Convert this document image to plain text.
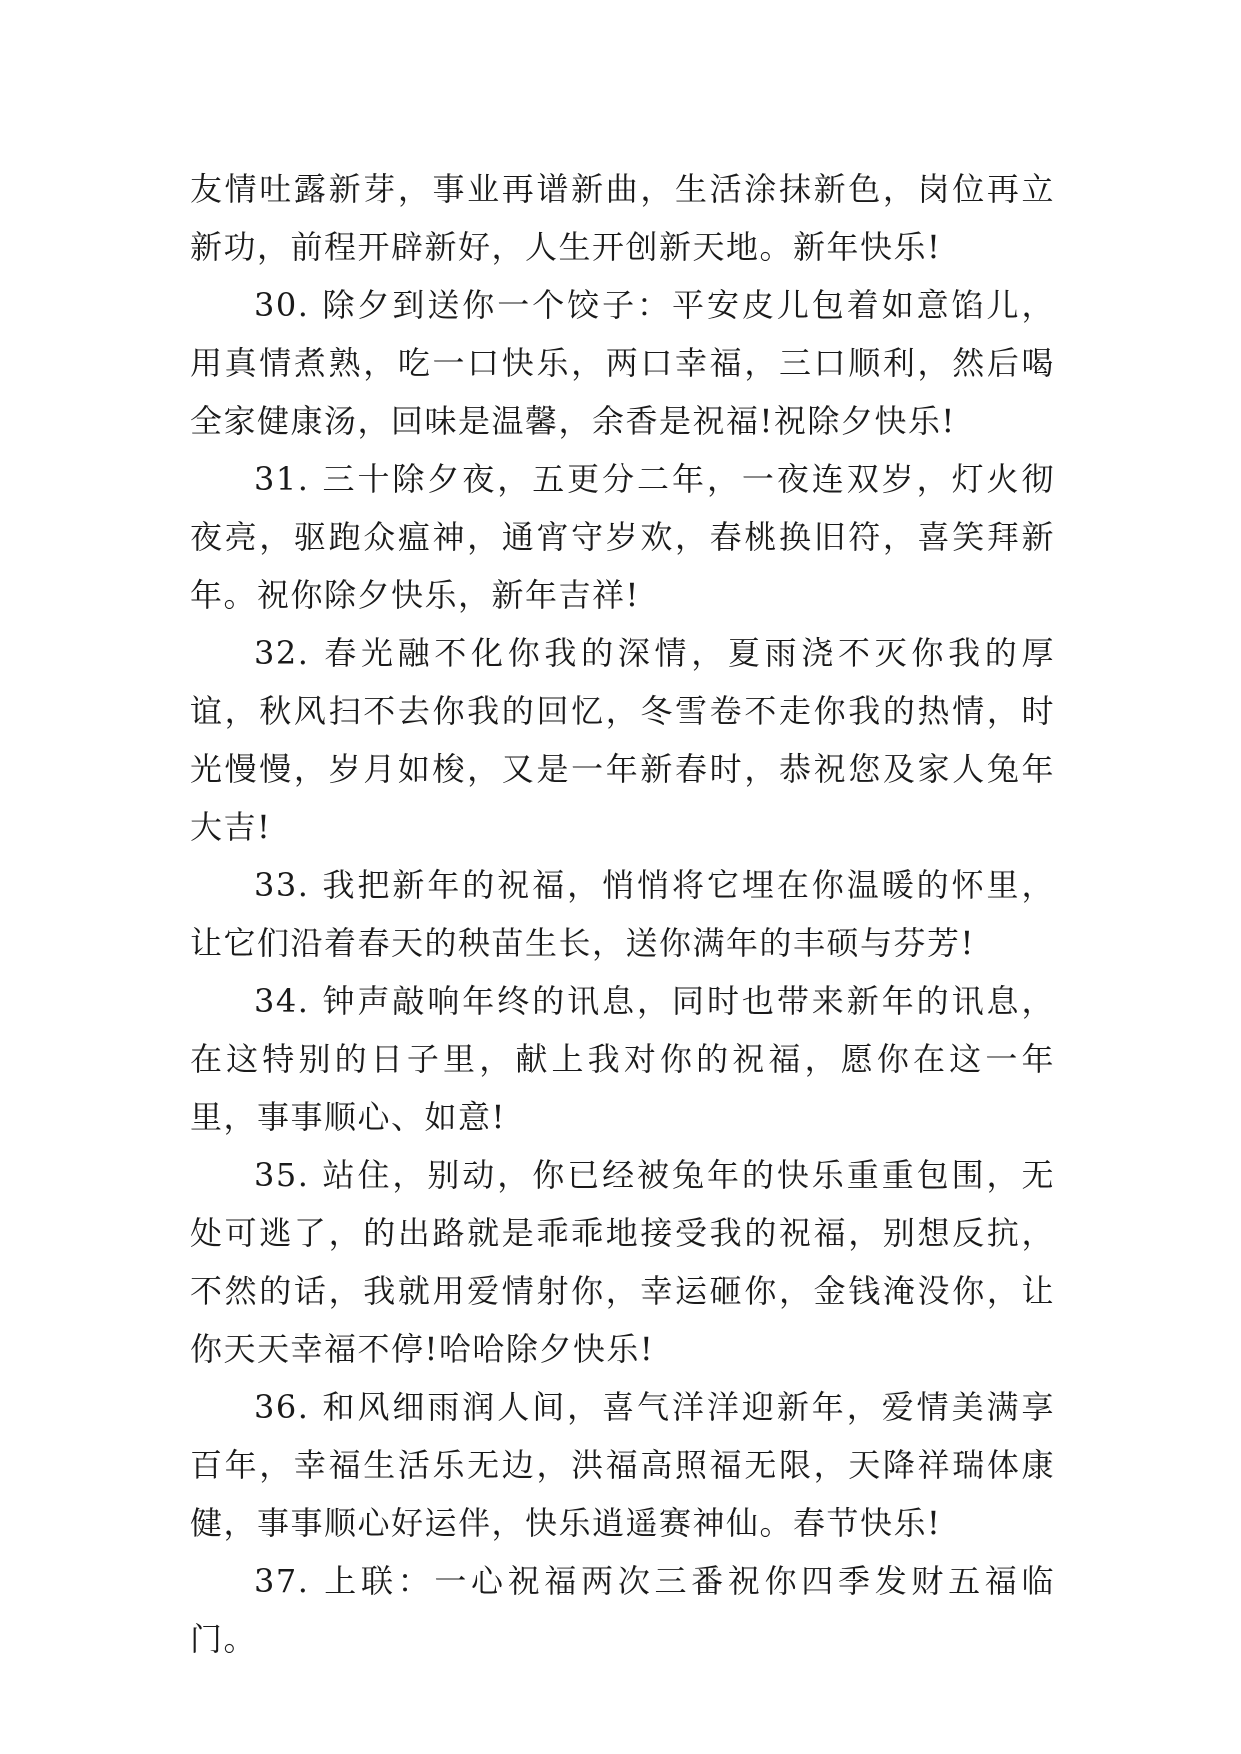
友情吐露新芽，事业再谱新曲，生活涂抹新色，岗位再立新功，前程开辟新好，人生开创新天地。新年快乐!

30. 除夕到送你一个饺子：平安皮儿包着如意馅儿，用真情煮熟，吃一口快乐，两口幸福，三口顺利，然后喝全家健康汤，回味是温馨，余香是祝福!祝除夕快乐!

31. 三十除夕夜，五更分二年，一夜连双岁，灯火彻夜亮，驱跑众瘟神，通宵守岁欢，春桃换旧符，喜笑拜新年。祝你除夕快乐，新年吉祥!

32. 春光融不化你我的深情，夏雨浇不灭你我的厚谊，秋风扫不去你我的回忆，冬雪卷不走你我的热情，时光慢慢，岁月如梭，又是一年新春时，恭祝您及家人兔年大吉!

33. 我把新年的祝福，悄悄将它埋在你温暖的怀里，让它们沿着春天的秧苗生长，送你满年的丰硕与芬芳!

34. 钟声敲响年终的讯息，同时也带来新年的讯息，在这特别的日子里，献上我对你的祝福，愿你在这一年里，事事顺心、如意!

35. 站住，别动，你已经被兔年的快乐重重包围，无处可逃了，的出路就是乖乖地接受我的祝福，别想反抗，不然的话，我就用爱情射你，幸运砸你，金钱淹没你，让你天天幸福不停!哈哈除夕快乐!

36. 和风细雨润人间，喜气洋洋迎新年，爱情美满享百年，幸福生活乐无边，洪福高照福无限，天降祥瑞体康健，事事顺心好运伴，快乐逍遥赛神仙。春节快乐!

37. 上联：一心祝福两次三番祝你四季发财五福临门。
